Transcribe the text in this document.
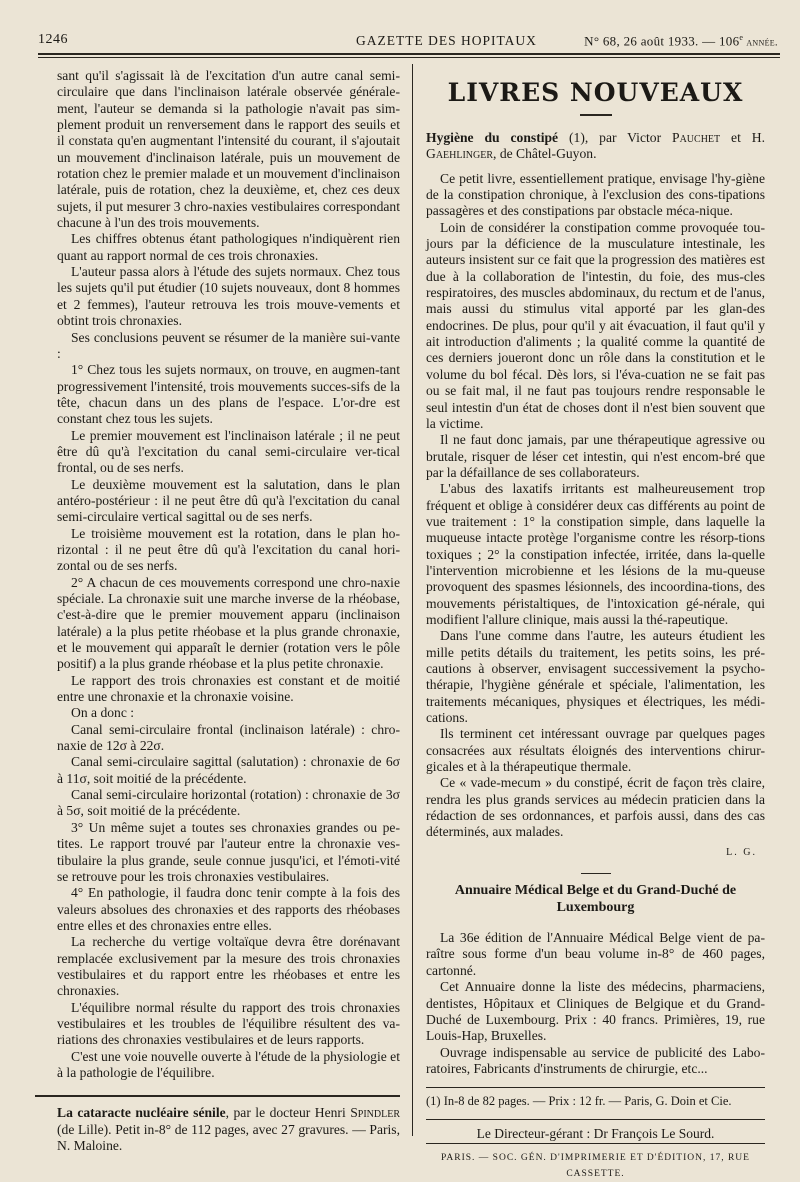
1246	GAZETTE DES HOPITAUX	N° 68, 26 août 1933. — 106e année.

sant qu'il s'agissait là de l'excitation d'un autre canal semi-circulaire que dans l'inclinaison latérale observée générale-ment, l'auteur se demanda si la pathologie n'avait pas sim-plement produit un renversement dans le rapport des seuils et il constata qu'en augmentant l'intensité du courant, il s'ajoutait un mouvement d'inclinaison latérale, puis un mouvement de rotation chez le premier malade et un mouvement d'inclinaison latérale, puis de rotation, chez la deuxième, et, chez ces deux sujets, il put mesurer 3 chro-naxies vestibulaires correspondant chacune à l'un des trois mouvements.

Les chiffres obtenus étant pathologiques n'indiquèrent rien quant au rapport normal de ces trois chronaxies.

L'auteur passa alors à l'étude des sujets normaux. Chez tous les sujets qu'il put étudier (10 sujets nouveaux, dont 8 hommes et 2 femmes), l'auteur retrouva les trois mouve-vements et obtint trois chronaxies.

Ses conclusions peuvent se résumer de la manière sui-vante :

1° Chez tous les sujets normaux, on trouve, en augmen-tant progressivement l'intensité, trois mouvements succes-sifs de la tête, chacun dans un des plans de l'espace. L'or-dre est constant chez tous les sujets.

Le premier mouvement est l'inclinaison latérale ; il ne peut être dû qu'à l'excitation du canal semi-circulaire ver-tical frontal, ou de ses nerfs.

Le deuxième mouvement est la salutation, dans le plan antéro-postérieur : il ne peut être dû qu'à l'excitation du canal semi-circulaire vertical sagittal ou de ses nerfs.

Le troisième mouvement est la rotation, dans le plan ho-rizontal : il ne peut être dû qu'à l'excitation du canal hori-zontal ou de ses nerfs.

2° A chacun de ces mouvements correspond une chro-naxie spéciale. La chronaxie suit une marche inverse de la rhéobase, c'est-à-dire que le premier mouvement apparu (inclinaison latérale) a la plus petite rhéobase et la plus grande chronaxie, et le mouvement qui apparaît le dernier (rotation vers le pôle positif) a la plus grande rhéobase et la plus petite chronaxie.

Le rapport des trois chronaxies est constant et de moitié entre une chronaxie et la chronaxie voisine.

On a donc :

Canal semi-circulaire frontal (inclinaison latérale) : chro-naxie de 12σ à 22σ.

Canal semi-circulaire sagittal (salutation) : chronaxie de 6σ à 11σ, soit moitié de la précédente.

Canal semi-circulaire horizontal (rotation) : chronaxie de 3σ à 5σ, soit moitié de la précédente.

3° Un même sujet a toutes ses chronaxies grandes ou pe-tites. Le rapport trouvé par l'auteur entre la chronaxie ves-tibulaire la plus grande, seule connue jusqu'ici, et l'émoti-vité se retrouve pour les trois chronaxies vestibulaires.

4° En pathologie, il faudra donc tenir compte à la fois des valeurs absolues des chronaxies et des rapports des rhéobases entre elles et des chronaxies entre elles.

La recherche du vertige voltaïque devra être dorénavant remplacée exclusivement par la mesure des trois chronaxies vestibulaires et du rapport entre les rhéobases et entre les chronaxies.

L'équilibre normal résulte du rapport des trois chronaxies vestibulaires et les troubles de l'équilibre résultent des va-riations des chronaxies vestibulaires et de leurs rapports.

C'est une voie nouvelle ouverte à l'étude de la physiologie et à la pathologie de l'équilibre.

La cataracte nucléaire sénile, par le docteur Henri Spindler (de Lille). Petit in-8° de 112 pages, avec 27 gravures. — Paris, N. Maloine.

LIVRES NOUVEAUX

Hygiène du constipé (1), par Victor Pauchet et H. Gaehlinger, de Châtel-Guyon.

Ce petit livre, essentiellement pratique, envisage l'hy-giène de la constipation chronique, à l'exclusion des cons-tipations passagères et des constipations par obstacle méca-nique.

Loin de considérer la constipation comme provoquée tou-jours par la déficience de la musculature intestinale, les auteurs insistent sur ce fait que la progression des matières est due à la collaboration de l'intestin, du foie, des mus-cles respiratoires, des muscles abdominaux, du rectum et de l'anus, mais aussi du stimulus vital apporté par les glan-des endocrines. De plus, pour qu'il y ait évacuation, il faut qu'il y ait introduction d'aliments ; la qualité comme la quantité de ces derniers joueront donc un rôle dans la constitution et le volume du bol fécal. Dès lors, si l'éva-cuation ne se fait pas ou se fait mal, il ne faut pas toujours rendre responsable le seul intestin d'un état de choses dont il n'est bien souvent que la victime.

Il ne faut donc jamais, par une thérapeutique agressive ou brutale, risquer de léser cet intestin, qui n'est encom-bré que par la défaillance de ses collaborateurs.

L'abus des laxatifs irritants est malheureusement trop fréquent et oblige à considérer deux cas différents au point de vue traitement : 1° la constipation simple, dans laquelle la muqueuse intacte protège l'organisme contre les résorp-tions toxiques ; 2° la constipation infectée, irritée, dans la-quelle l'intervention microbienne et les lésions de la mu-queuse provoquent des spasmes lésionnels, des incoordina-tions, des mouvements péristaltiques, de l'intoxication gé-nérale, qui modifient l'allure clinique, mais aussi la thé-rapeutique.

Dans l'une comme dans l'autre, les auteurs étudient les mille petits détails du traitement, les petits soins, les pré-cautions à observer, envisagent successivement la psycho-thérapie, l'hygiène générale et spéciale, l'alimentation, les traitements mécaniques, physiques et électriques, les médi-cations.

Ils terminent cet intéressant ouvrage par quelques pages consacrées aux résultats éloignés des interventions chirur-gicales et à la thérapeutique thermale.

Ce « vade-mecum » du constipé, écrit de façon très claire, rendra les plus grands services au médecin praticien dans la rédaction de ses ordonnances, et parfois aussi, dans des cas déterminés, aux malades.

L. G.
Annuaire Médical Belge et du Grand-Duché de Luxembourg

La 36e édition de l'Annuaire Médical Belge vient de pa-raître sous forme d'un beau volume in-8° de 460 pages, cartonné.

Cet Annuaire donne la liste des médecins, pharmaciens, dentistes, Hôpitaux et Cliniques de Belgique et du Grand-Duché de Luxembourg. Prix : 40 francs. Primières, 19, rue Louis-Hap, Bruxelles.

Ouvrage indispensable au service de publicité des Labo-ratoires, Fabricants d'instruments de chirurgie, etc...

(1) In-8 de 82 pages. — Prix : 12 fr. — Paris, G. Doin et Cie.

Le Directeur-gérant : Dr François Le Sourd.

PARIS. — SOC. GÉN. D'IMPRIMERIE ET D'ÉDITION, 17, RUE CASSETTE.
